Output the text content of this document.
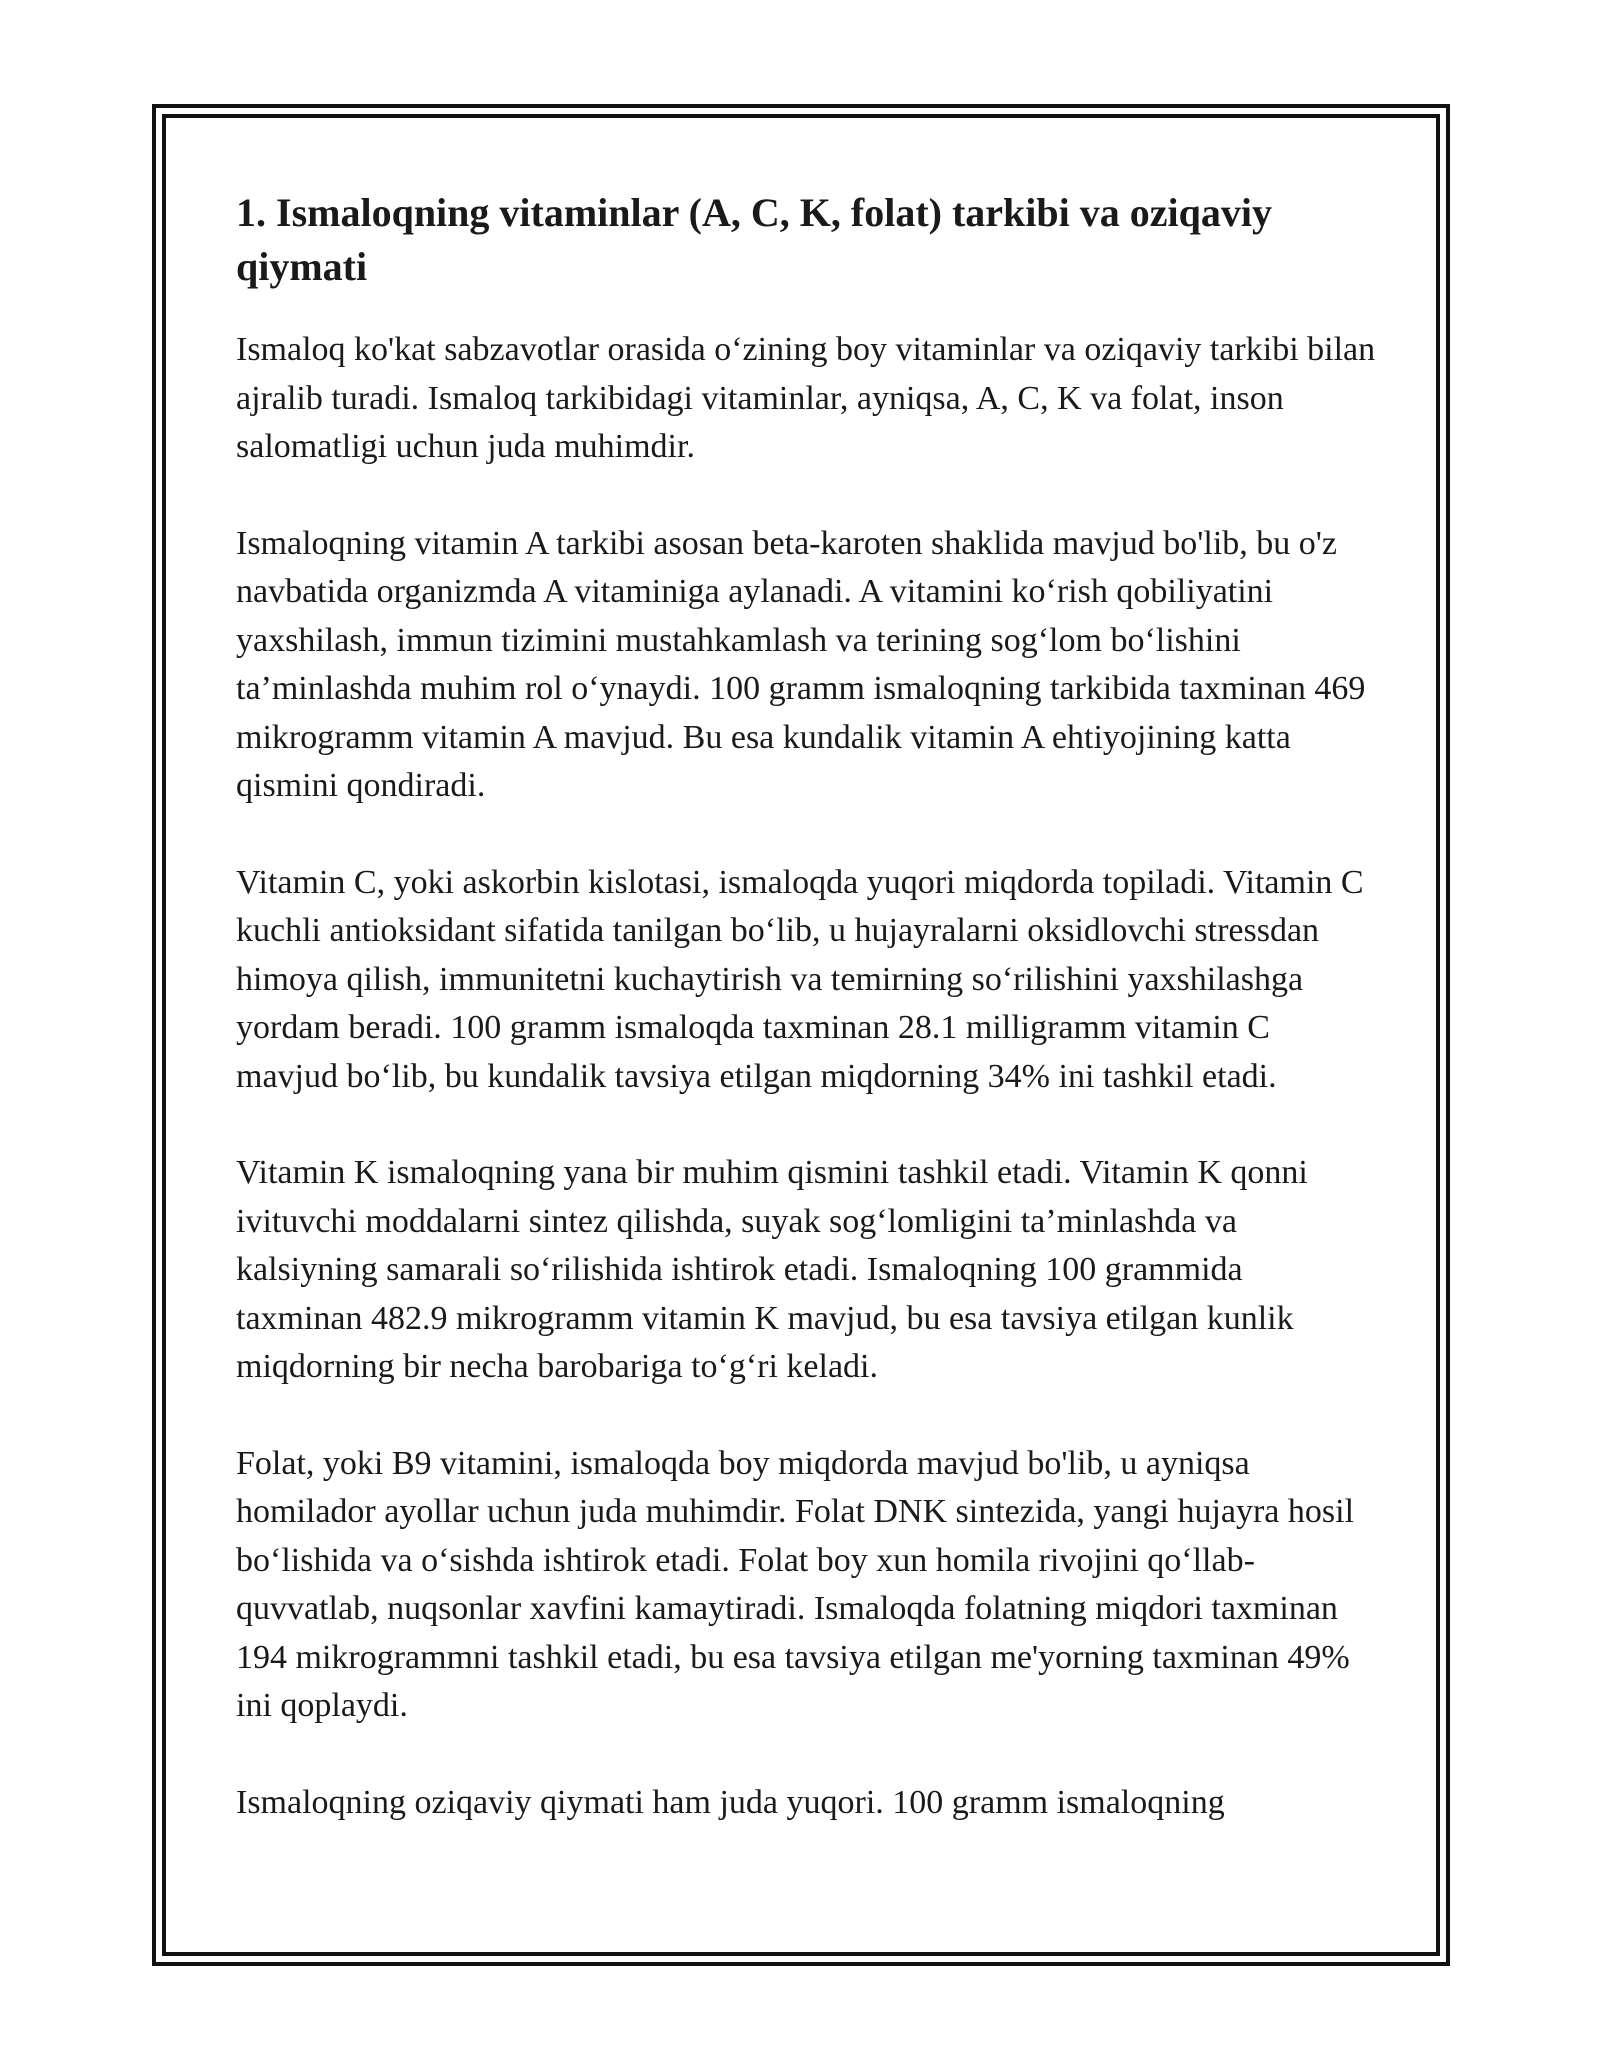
1. Ismaloqning vitaminlar (A, C, K, folat) tarkibi va oziqaviy qiymati

Ismaloq ko'kat sabzavotlar orasida o‘zining boy vitaminlar va oziqaviy tarkibi bilan ajralib turadi. Ismaloq tarkibidagi vitaminlar, ayniqsa, A, C, K va folat, inson salomatligi uchun juda muhimdir.

Ismaloqning vitamin A tarkibi asosan beta-karoten shaklida mavjud bo'lib, bu o'z navbatida organizmda A vitaminiga aylanadi. A vitamini ko‘rish qobiliyatini yaxshilash, immun tizimini mustahkamlash va terining sog‘lom bo‘lishini ta’minlashda muhim rol o‘ynaydi. 100 gramm ismaloqning tarkibida taxminan 469 mikrogramm vitamin A mavjud. Bu esa kundalik vitamin A ehtiyojining katta qismini qondiradi.

Vitamin C, yoki askorbin kislotasi, ismaloqda yuqori miqdorda topiladi. Vitamin C kuchli antioksidant sifatida tanilgan bo‘lib, u hujayralarni oksidlovchi stressdan himoya qilish, immunitetni kuchaytirish va temirning so‘rilishini yaxshilashga yordam beradi. 100 gramm ismaloqda taxminan 28.1 milligramm vitamin C mavjud bo‘lib, bu kundalik tavsiya etilgan miqdorning 34% ini tashkil etadi.

Vitamin K ismaloqning yana bir muhim qismini tashkil etadi. Vitamin K qonni ivituvchi moddalarni sintez qilishda, suyak sog‘lomligini ta’minlashda va kalsiyning samarali so‘rilishida ishtirok etadi. Ismaloqning 100 grammida taxminan 482.9 mikrogramm vitamin K mavjud, bu esa tavsiya etilgan kunlik miqdorning bir necha barobariga to‘g‘ri keladi.

Folat, yoki B9 vitamini, ismaloqda boy miqdorda mavjud bo'lib, u ayniqsa homilador ayollar uchun juda muhimdir. Folat DNK sintezida, yangi hujayra hosil bo‘lishida va o‘sishda ishtirok etadi. Folat boy xun homila rivojini qo‘llab-quvvatlab, nuqsonlar xavfini kamaytiradi. Ismaloqda folatning miqdori taxminan 194 mikrogrammni tashkil etadi, bu esa tavsiya etilgan me'yorning taxminan 49% ini qoplaydi.

Ismaloqning oziqaviy qiymati ham juda yuqori. 100 gramm ismaloqning
